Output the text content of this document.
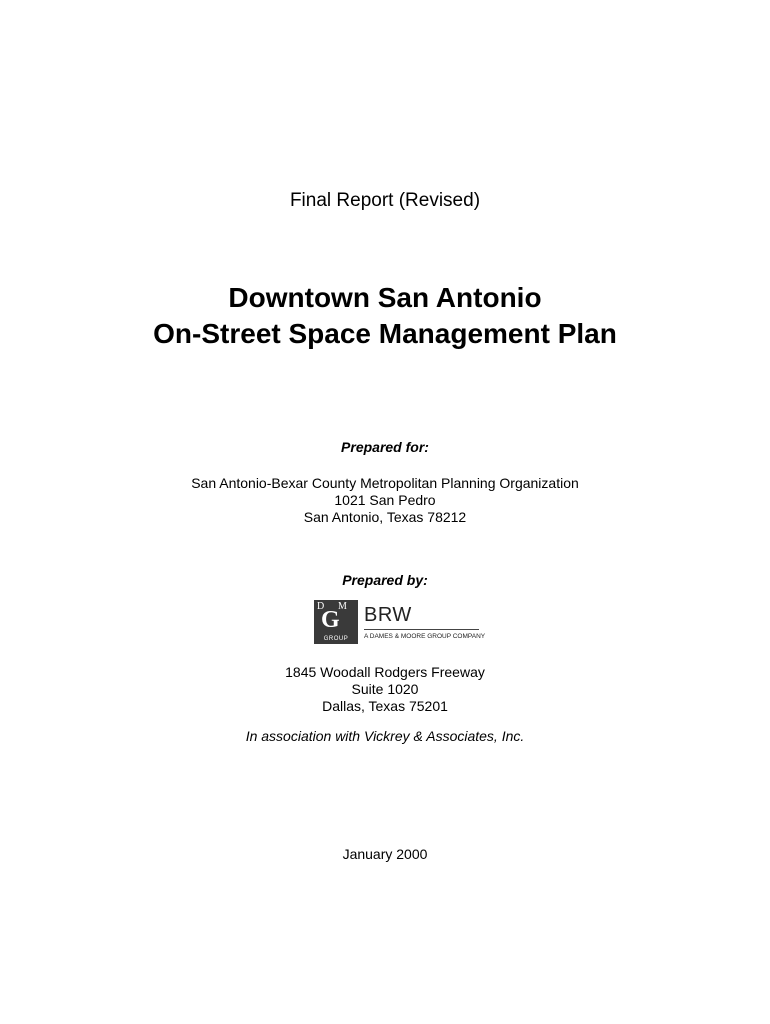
Final Report (Revised)

Downtown San Antonio

On-Street Space Management Plan

Prepared for:
San Antonio-Bexar County Metropolitan Planning Organization
1021 San Pedro
San Antonio, Texas 78212
Prepared by:
D M
G
GROUP
BRW
A DAMES & MOORE GROUP COMPANY
1845 Woodall Rodgers Freeway
Suite 1020
Dallas, Texas 75201
In association with Vickrey & Associates, Inc.
January 2000
